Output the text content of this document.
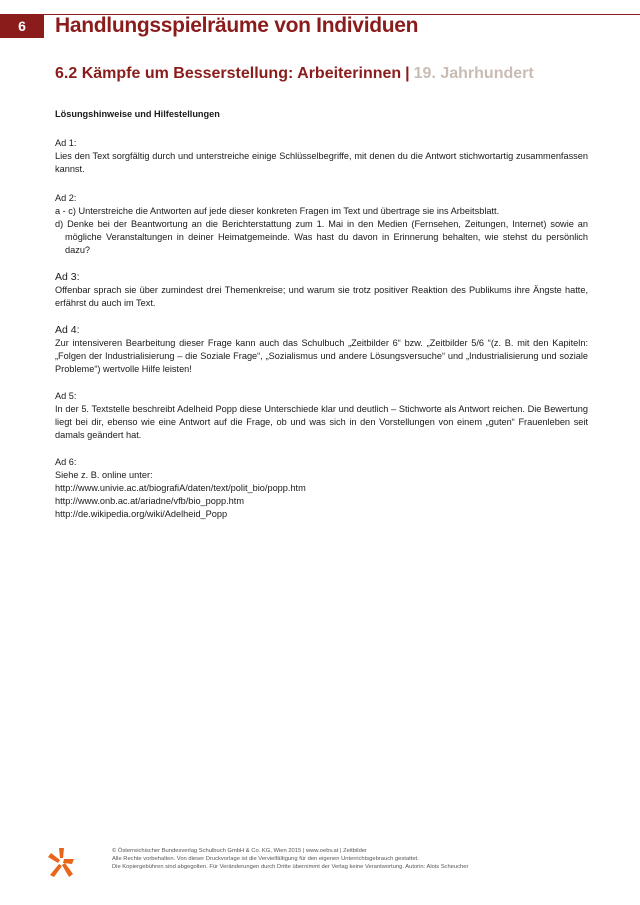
6	Handlungsspielräume von Individuen
6.2 Kämpfe um Besserstellung: Arbeiterinnen | 19. Jahrhundert
Lösungshinweise und Hilfestellungen
Ad 1:
Lies den Text sorgfältig durch und unterstreiche einige Schlüsselbegriffe, mit denen du die Antwort stichwortartig zusammenfassen kannst.
Ad 2:
a - c) Unterstreiche die Antworten auf jede dieser konkreten Fragen im Text und übertrage sie ins Arbeitsblatt.
d) Denke bei der Beantwortung an die Berichterstattung zum 1. Mai in den Medien (Fernsehen, Zeitungen, Internet) sowie an mögliche Veranstaltungen in deiner Heimatgemeinde. Was hast du davon in Erinnerung behalten, wie stehst du persönlich dazu?
Ad 3:
Offenbar sprach sie über zumindest drei Themenkreise; und warum sie trotz positiver Reaktion des Publikums ihre Ängste hatte, erfährst du auch im Text.
Ad 4:
Zur intensiveren Bearbeitung dieser Frage kann auch das Schulbuch „Zeitbilder 6“ bzw. „Zeitbilder 5/6 “(z. B. mit den Kapiteln: „Folgen der Industrialisierung – die Soziale Frage“, „Sozialismus und andere Lösungsversuche“ und „Industrialisierung und soziale Probleme“) wertvolle Hilfe leisten!
Ad 5:
In der 5. Textstelle beschreibt Adelheid Popp diese Unterschiede klar und deutlich – Stichworte als Antwort reichen. Die Bewertung liegt bei dir, ebenso wie eine Antwort auf die Frage, ob und was sich in den Vorstellungen von einem „guten“ Frauenleben seit damals geändert hat.
Ad 6:
Siehe z. B. online unter:
http://www.univie.ac.at/biografiA/daten/text/polit_bio/popp.htm
http://www.onb.ac.at/ariadne/vfb/bio_popp.htm
http://de.wikipedia.org/wiki/Adelheid_Popp
© Österreichischer Bundesverlag Schulbuch GmbH & Co. KG, Wien 2015 | www.oebv.at | Zeitbilder
Alle Rechte vorbehalten. Von dieser Druckvorlage ist die Vervielfältigung für den eigenen Unterrichtsgebrauch gestattet.
Die Kopiergebühren sind abgegolten. Für Veränderungen durch Dritte übernimmt der Verlag keine Verantwortung. Autorin: Alois Scheucher
